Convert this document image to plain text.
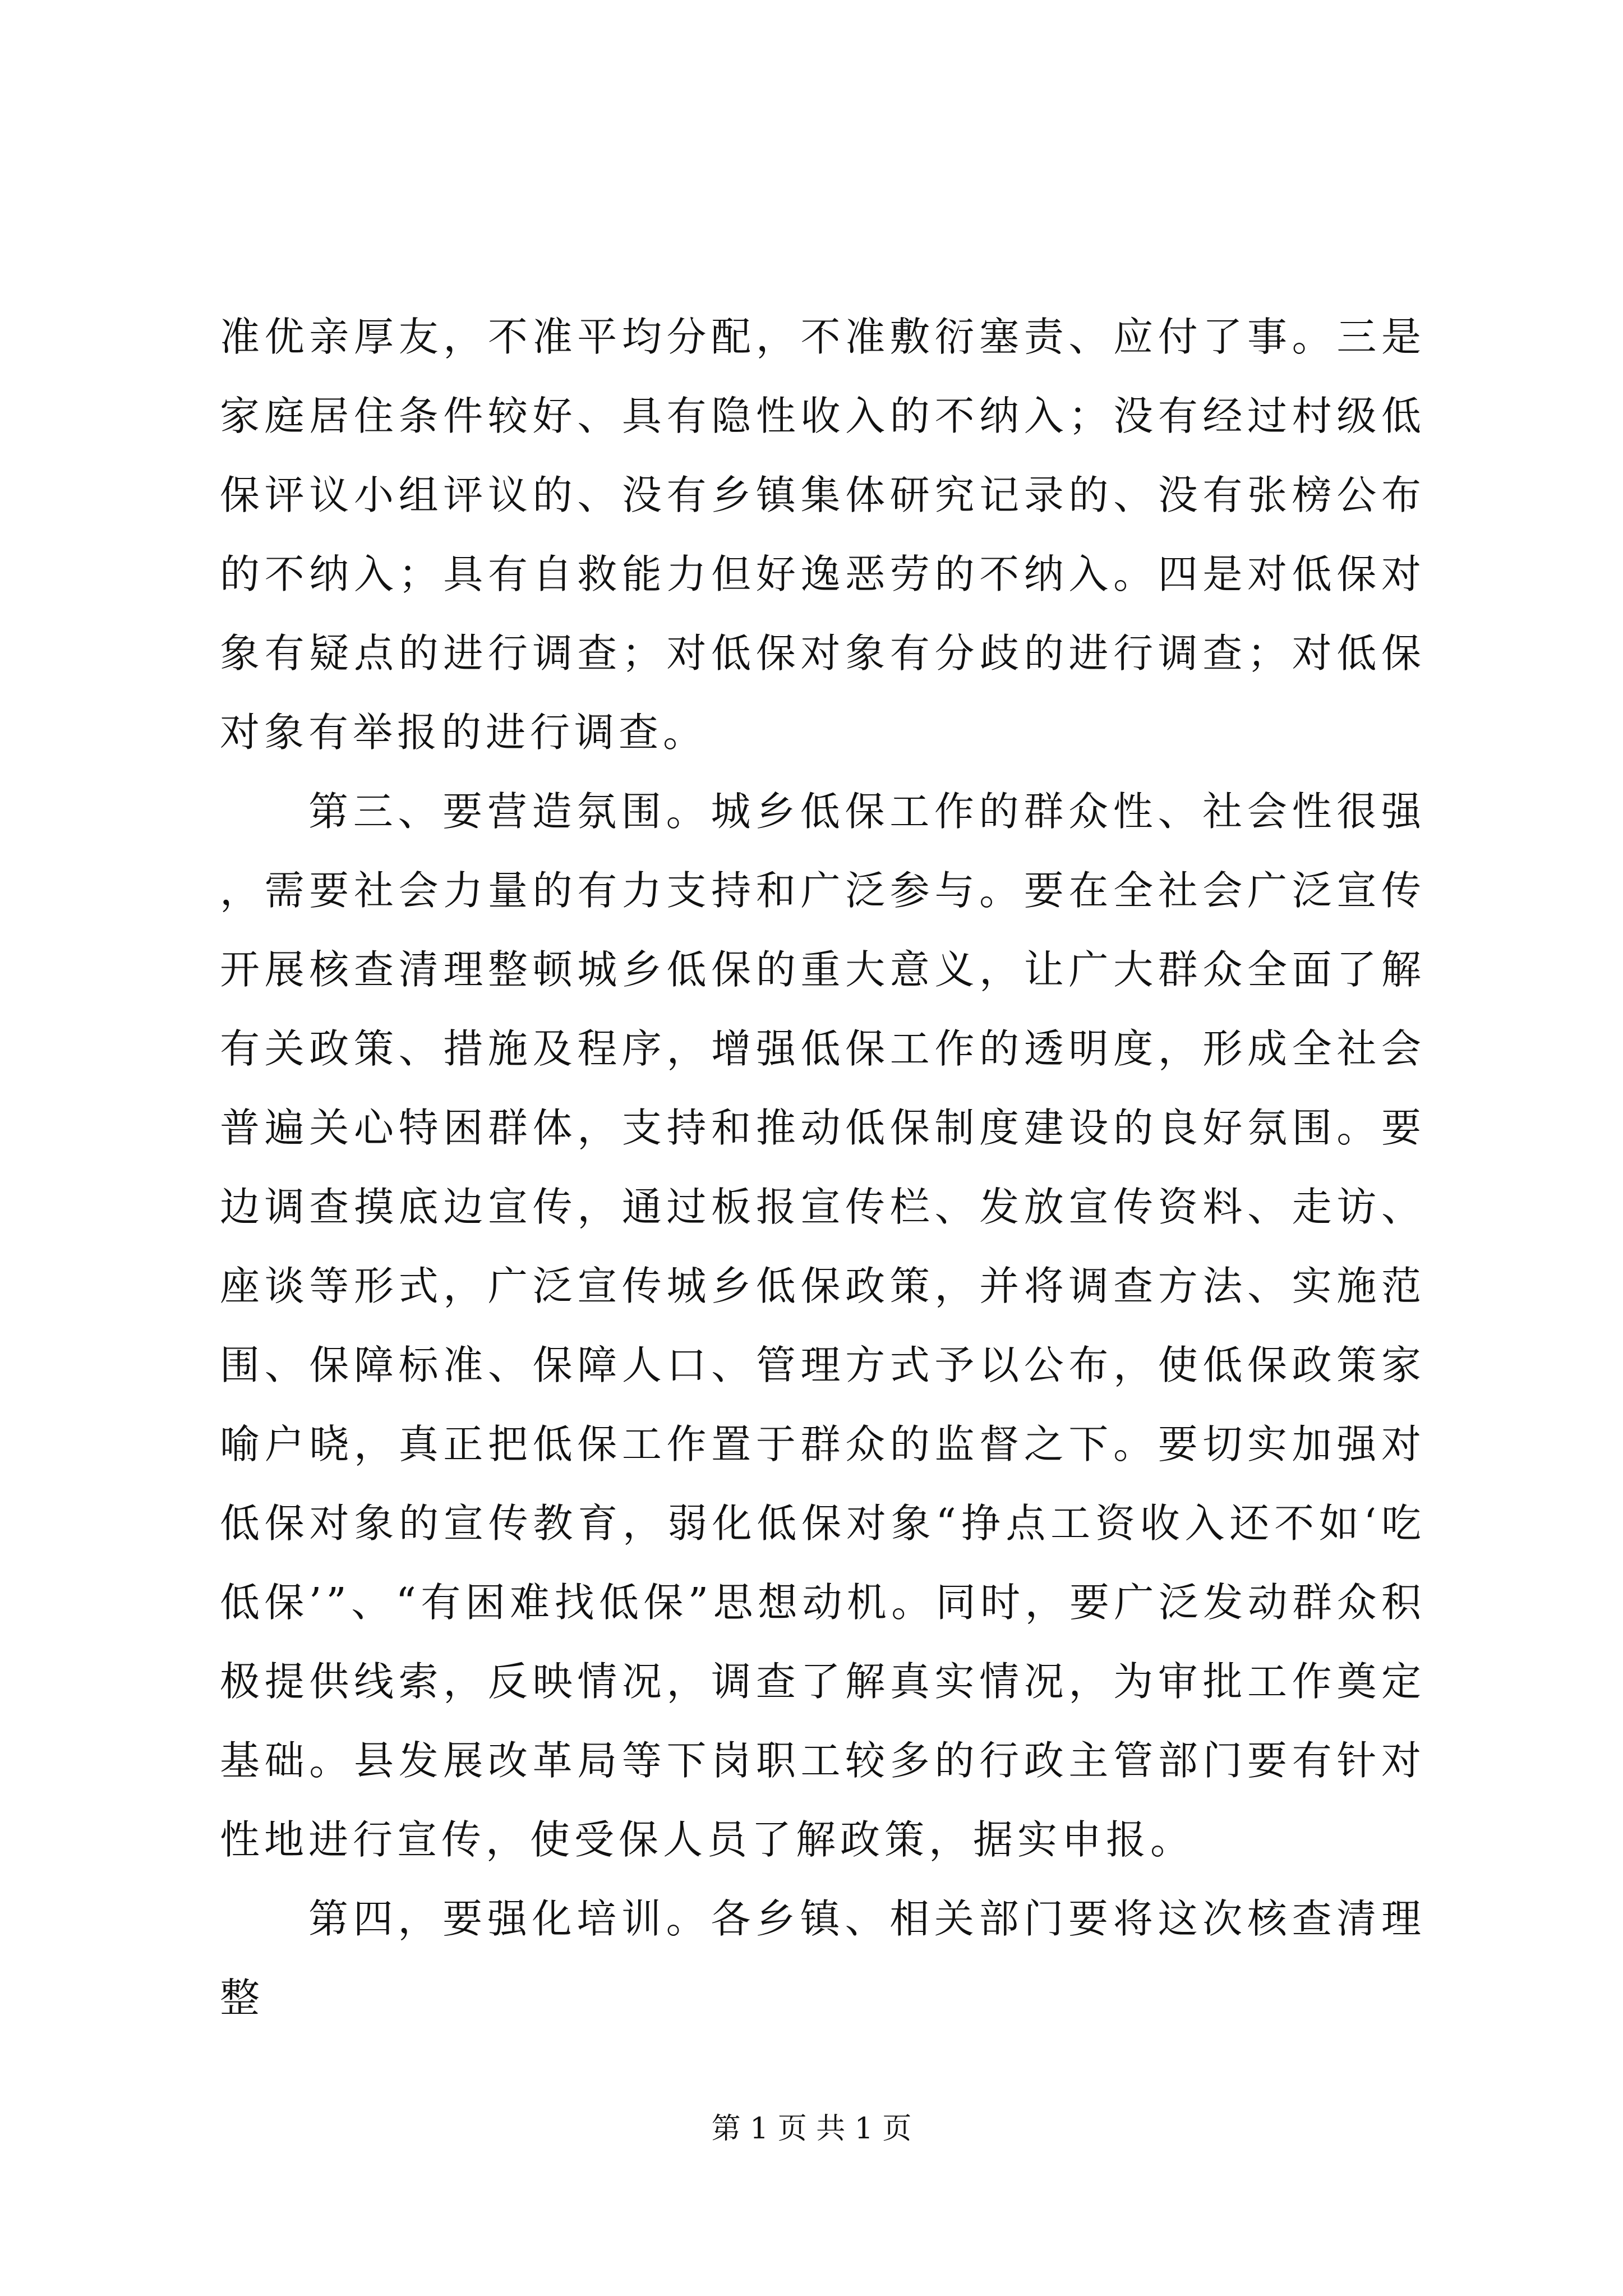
准优亲厚友，不准平均分配，不准敷衍塞责、应付了事。三是家庭居住条件较好、具有隐性收入的不纳入；没有经过村级低保评议小组评议的、没有乡镇集体研究记录的、没有张榜公布的不纳入；具有自救能力但好逸恶劳的不纳入。四是对低保对象有疑点的进行调查；对低保对象有分歧的进行调查；对低保对象有举报的进行调查。

第三、要营造氛围。城乡低保工作的群众性、社会性很强，需要社会力量的有力支持和广泛参与。要在全社会广泛宣传开展核查清理整顿城乡低保的重大意义，让广大群众全面了解有关政策、措施及程序，增强低保工作的透明度，形成全社会普遍关心特困群体，支持和推动低保制度建设的良好氛围。要边调查摸底边宣传，通过板报宣传栏、发放宣传资料、走访、座谈等形式，广泛宣传城乡低保政策，并将调查方法、实施范围、保障标准、保障人口、管理方式予以公布，使低保政策家喻户晓，真正把低保工作置于群众的监督之下。要切实加强对低保对象的宣传教育，弱化低保对象“挣点工资收入还不如‘吃低保’”、“有困难找低保”思想动机。同时，要广泛发动群众积极提供线索，反映情况，调查了解真实情况，为审批工作奠定基础。县发展改革局等下岗职工较多的行政主管部门要有针对性地进行宣传，使受保人员了解政策，据实申报。

第四，要强化培训。各乡镇、相关部门要将这次核查清理整

第 1 页 共 1 页
